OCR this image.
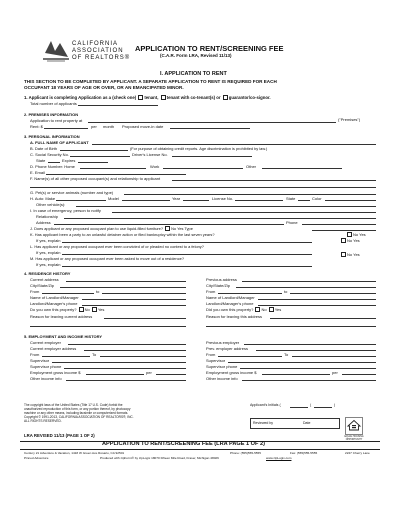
CALIFORNIA
ASSOCIATION
OF REALTORS®
APPLICATION TO RENT/SCREENING FEE
(C.A.R. Form LRA, Revised 11/13)
I. APPLICATION TO RENT
THIS SECTION TO BE COMPLETED BY APPLICANT. A SEPARATE APPLICATION TO RENT IS REQUIRED FOR EACH
OCCUPANT 18 YEARS OF AGE OR OVER, OR AN EMANCIPATED MINOR.
1. Applicant is completing Application as a (check one) tenant, tenant with co-tenant(s) or guarantor/co-signor.
Total number of applicants
2. PREMISES INFORMATION
Application to rent property at	("Premises")
Rent: $	per month Proposed move-in date
3. PERSONAL INFORMATION
A. FULL NAME OF APPLICANT
B. Date of Birth	(For purpose of obtaining credit reports. Age discrimination is prohibited by law.)
C. Social Security No.	Driver's License No.
State	Expires
D. Phone Number: Home	Work	Other
E. Email
F. Name(s) of all other proposed occupant(s) and relationship to applicant
G. Pet(s) or service animals (number and type)
H. Auto: Make	Model	Year	License No.	State	Color
Other vehicle(s):
I. In case of emergency, person to notify
Relationship
Address	Phone
J. Does applicant or any proposed occupant plan to use liquid-filled furniture? No Yes Type
K. Has applicant been a party to an unlawful detainer action or filed bankruptcy within the last seven years?	No Yes
If yes, explain
L. Has applicant or any proposed occupant ever been convicted of or pleaded no contest to a felony?
No Yes
If yes, explain
M. Has applicant or any proposed occupant ever been asked to move out of a residence?
No Yes
If yes, explain
4. RESIDENCE HISTORY
Current address
City/State/Zip
From	to
Name of Landlord/Manager
Landlord/Manager's phone
Do you own this property? No Yes
Reason for leaving current address
Previous address
City/State/Zip
From	to
Name of Landlord/Manager
Landlord/Manager's phone
Did you own this property? No Yes
Reason for leaving this address
5. EMPLOYMENT AND INCOME HISTORY
Current employer
Current employer address
From	To
Supervisor
Supervisor phone
Employment gross income $	per
Other income info
Previous employer
Prev. employer address
From	To
Supervisor
Supervisor phone
Employment gross income $	per
Other income info
The copyright laws of the United States (Title 17 U.S. Code) forbid the
unauthorized reproduction of this form, or any portion thereof, by photocopy
machine or any other means, including facsimile or computerized formats.
Copyright © 1991-2013, CALIFORNIA ASSOCIATION OF REALTORS®, INC.
ALL RIGHTS RESERVED.
Applicant's Initials (	(	)
Reviewed by	Date
EQUAL HOUSING OPPORTUNITY
LRA REVISED 11/13 (PAGE 1 OF 2)
APPLICATION TO RENT/SCREENING FEE (LRA PAGE 1 OF 2)
Century 21 Adventure & Vacation, 1418 W Green Ave Rosario, CA 92501	Phone: (555)555-5555	Fax: (555)555-5555	2227 Cherry Lane
Pinned Adventure	Produced with zipForm® by zipLogix 18070 Fifteen Mile Road, Fraser, Michigan 48026	www.zipLogix.com
